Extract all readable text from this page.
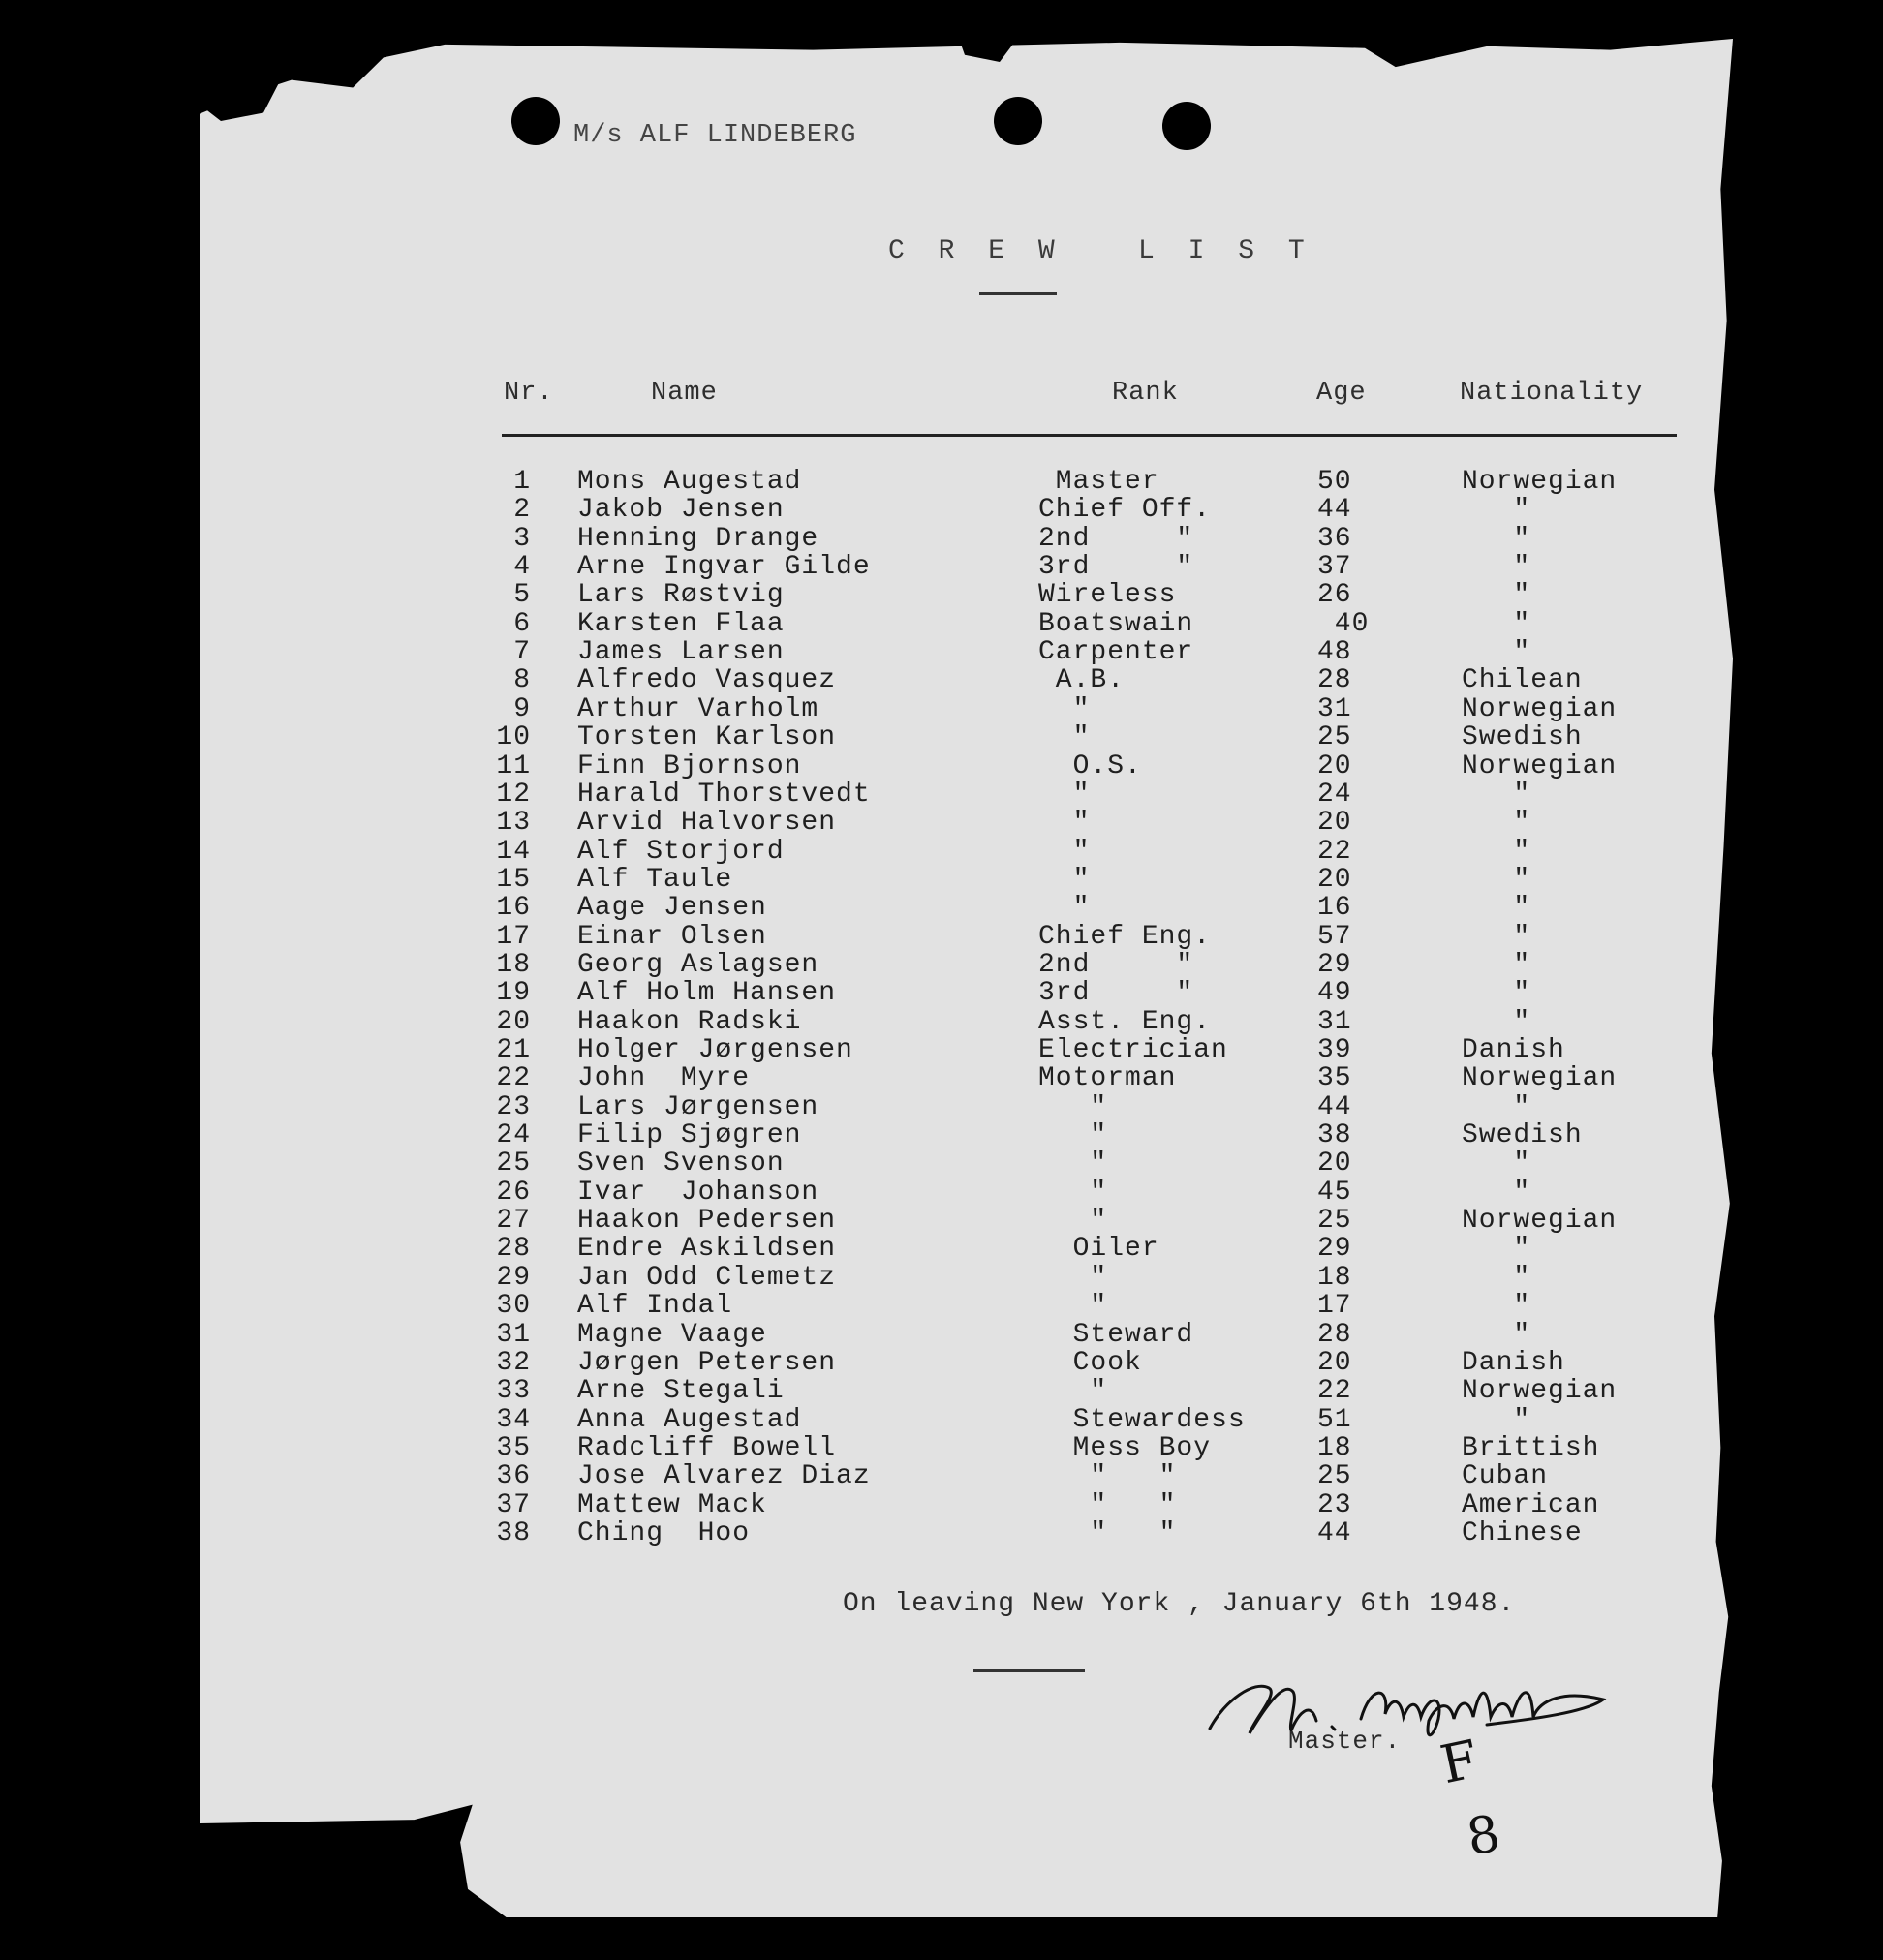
M/s ALF LINDEBERG
C R E W   L I S T
Nr.	Name	Rank	Age	Nationality
1 Mons Augestad	Master	50	Norwegian
2 Jakob Jensen	Chief Off.	44	"
3 Henning Drange	2nd     "	36	"
4 Arne Ingvar Gilde	3rd     "	37	"
5 Lars Røstvig	Wireless	26	"
6 Karsten Flaa	Boatswain	40	"
7 James Larsen	Carpenter	48	"
8 Alfredo Vasquez	A.B.	28	Chilean
9 Arthur Varholm	"	31	Norwegian
10 Torsten Karlson	"	25	Swedish
11 Finn Bjornson	O.S.	20	Norwegian
12 Harald Thorstvedt	"	24	"
13 Arvid Halvorsen	"	20	"
14 Alf Storjord	"	22	"
15 Alf Taule	"	20	"
16 Aage Jensen	"	16	"
17 Einar Olsen	Chief Eng.	57	"
18 Georg Aslagsen	2nd     "	29	"
19 Alf Holm Hansen	3rd     "	49	"
20 Haakon Radski	Asst. Eng.	31	"
21 Holger Jørgensen	Electrician	39	Danish
22 John  Myre	Motorman	35	Norwegian
23 Lars Jørgensen	"	44	"
24 Filip Sjøgren	"	38	Swedish
25 Sven Svenson	"	20	"
26 Ivar  Johanson	"	45	"
27 Haakon Pedersen	"	25	Norwegian
28 Endre Askildsen	Oiler	29	"
29 Jan Odd Clemetz	"	18	"
30 Alf Indal	"	17	"
31 Magne Vaage	Steward	28	"
32 Jørgen Petersen	Cook	20	Danish
33 Arne Stegali	"	22	Norwegian
34 Anna Augestad	Stewardess	51	"
35 Radcliff Bowell	Mess Boy	18	Brittish
36 Jose Alvarez Diaz	"   "	25	Cuban
37 Mattew Mack	"   "	23	American
38 Ching  Hoo	"   "	44	Chinese
On leaving New York , January 6th 1948.
Master. F
8
